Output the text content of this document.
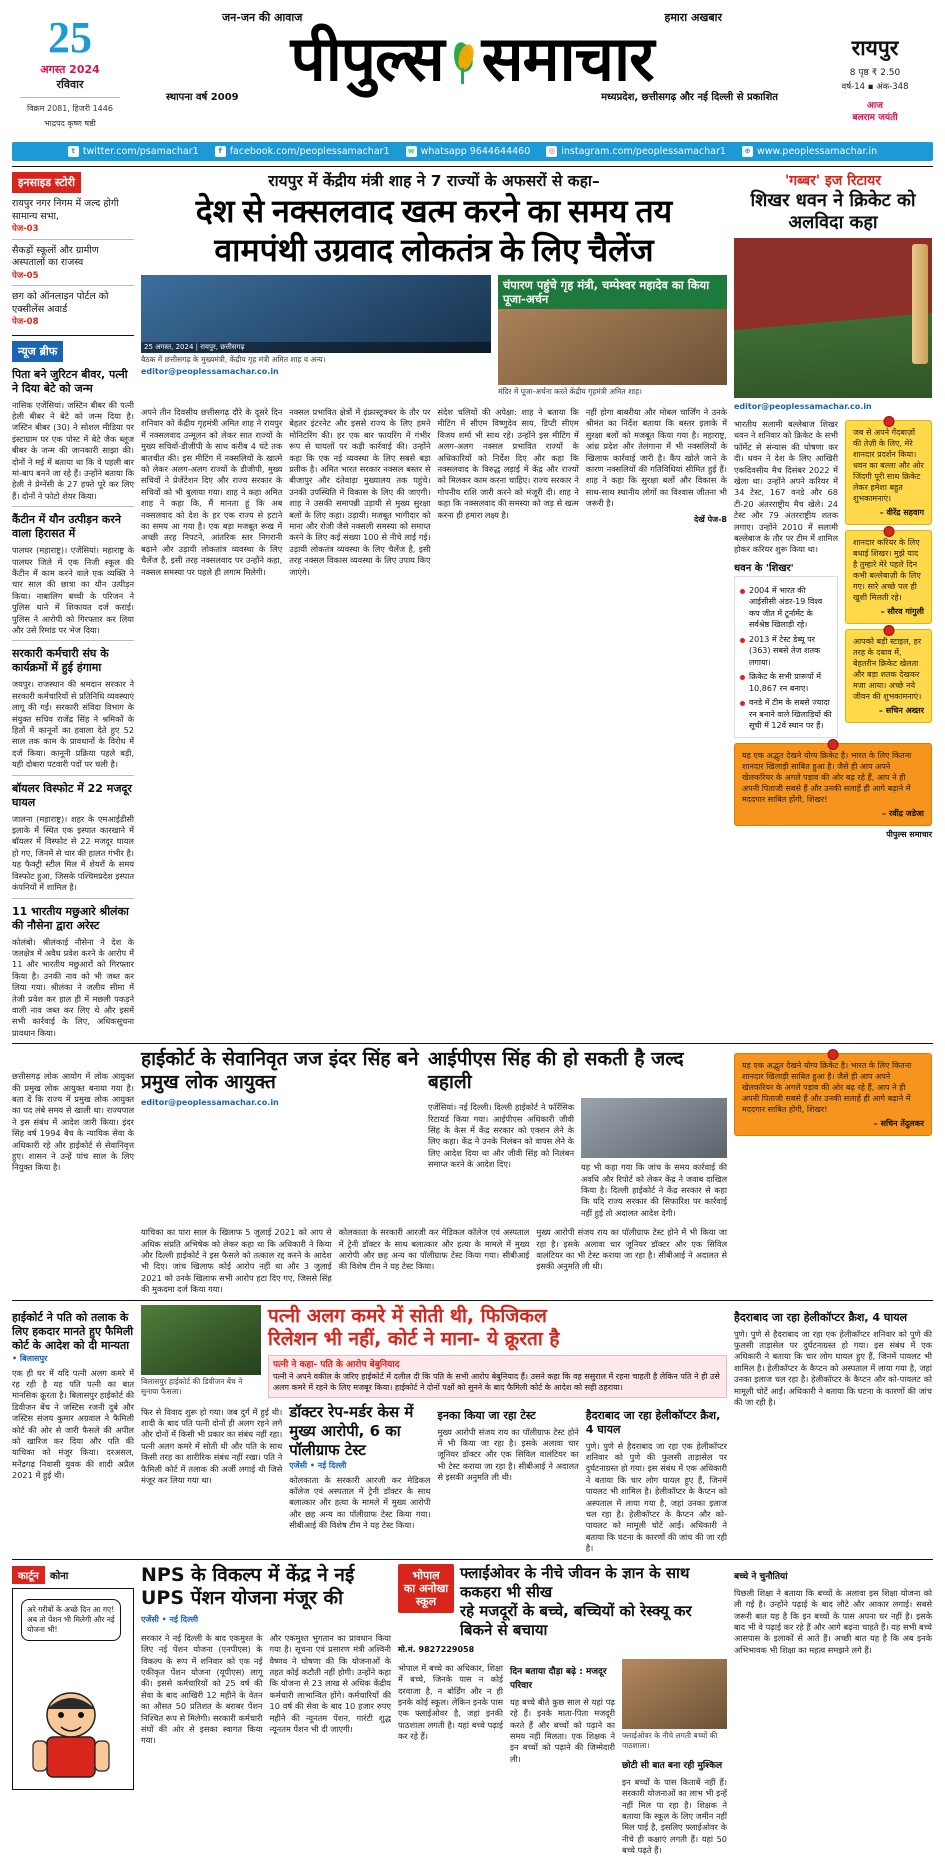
25
अगस्त 2024
रविवार
विक्रम 2081, हिजरी 1446
भाद्रपद कृष्ण षष्ठी
जन-जन की आवाज	हमारा अखबार
पीपुल्स समाचार
स्थापना वर्ष 2009	मध्यप्रदेश, छत्तीसगढ़ और नई दिल्ली से प्रकाशित
रायपुर
8 पृष्ठ ₹ 2.50
वर्ष-14 ▪ अंक-348
आज
बलराम जयंती
t twitter.com/psamachar1	f facebook.com/peoplessamachar1	w whatsapp 9644644460	◎ instagram.com/peoplessamachar1	⊕ www.peoplessamachar.in
इनसाइड स्टोरी
रायपुर नगर निगम में जल्द होगी सामान्य सभा,
पेज-03
सैकड़ों स्कूलों और ग्रामीण अस्पतालों का राजस्व
पेज-05
छग को ऑनलाइन पोर्टल को एक्सीलेंस अवार्ड
पेज-08
न्यूज ब्रीफ
पिता बने जुरिटन बीवर, पत्नी ने दिया बेटे को जन्म

नासिक एजेंसियां। जस्टिन बीबर की पत्नी हेली बीबर ने बेटे को जन्म दिया है। जस्टिन बीबर (30) ने सोशल मीडिया पर इंस्टाग्राम पर एक पोस्ट में बेटे जैक ब्लूज बीबर के जन्म की जानकारी साझा की। दोनों ने मई में बताया था कि वे पहली बार मां-बाप बनने जा रहे हैं। उन्होंने बताया कि हेली ने प्रेग्नेंसी के 27 हफ्ते पूरे कर लिए हैं। दोनों ने फोटो शेयर किया।

कैंटीन में यौन उत्पीड़न करने वाला हिरासत में

पालघर (महाराष्ट्र)। एजेंसियां। महाराष्ट्र के पालघर जिले में एक निजी स्कूल की कैंटीन में काम करने वाले एक व्यक्ति ने चार साल की छात्रा का यौन उत्पीड़न किया। नाबालिग बच्ची के परिजन ने पुलिस थाने में शिकायत दर्ज कराई। पुलिस ने आरोपी को गिरफ्तार कर लिया और उसे रिमांड पर भेज दिया।

सरकारी कर्मचारी संघ के कार्यक्रमों में हुई हंगामा

जयपुर। राजस्थान की श्रमदान सरकार ने सरकारी कर्मचारियों से प्रतिनिधि व्यवस्थाएं लागू की गईं। सरकारी संविदा विभाग के संयुक्त सचिव राजेंद्र सिंह ने श्रमिकों के हितों में कानूनों का हवाला देते हुए 52 साल तक काम के प्रावधानों के विरोध में दर्ज किया। कानूनी प्रक्रिया पहले बड़ी, यही दोबारा पटवारी पदों पर चली है।

बॉयलर विस्फोट में 22 मजदूर घायल

जालना (महाराष्ट्र)। शहर के एमआईडीसी इलाके में स्थित एक इस्पात कारखाने में बॉयलर में विस्फोट से 22 मजदूर घायल हो गए, जिनमें से चार की हालत गंभीर है। यह फैक्ट्री स्टील मिल में शेयरों के समय विस्फोट हुआ, जिसके पश्चिमप्रदेश इस्पात कंपनियों में शामिल है।

11 भारतीय मछुआरे श्रीलंका की नौसेना द्वारा अरेस्ट

कोलंबो। श्रीलंकाई नौसेना ने देश के जलक्षेत्र में अवैध प्रवेश करने के आरोप में 11 और भारतीय मछुआरों को गिरफ्तार किया है। उनकी नाव को भी जब्त कर लिया गया। श्रीलंका ने जलीय सीमा में तेजी प्रवेश कर हाल ही में मछली पकड़ने वाली नाव जब्त कर लिए थे और इसमें सभी कार्रवाई के लिए, अधिकसूचना प्रावधान किया।

रायपुर में केंद्रीय मंत्री शाह ने 7 राज्यों के अफसरों से कहा–
देश से नक्सलवाद खत्म करने का समय तय
वामपंथी उग्रवाद लोकतंत्र के लिए चैलेंज
25 अगस्त, 2024 | रायपुर, छत्तीसगढ़
बैठक में छत्तीसगढ़ के मुख्यमंत्री, केंद्रीय गृह मंत्री अमित शाह व अन्य।
editor@peoplessamachar.co.in
चंपारण पहुंचे गृह मंत्री, चम्पेश्वर महादेव का किया पूजा-अर्चन
मंदिर में पूजा-अर्चना करते केंद्रीय गृहमंत्री अमित शाह।

अपने तीन दिवसीय छत्तीसगढ़ दौरे के दूसरे दिन शनिवार को केंद्रीय गृहमंत्री अमित शाह ने रायपुर में नक्सलवाद उन्मूलन को लेकर सात राज्यों के मुख्य सचिवों-डीजीपी के साथ करीब 4 घंटे तक बातचीत की। इस मीटिंग में नक्सलियों के खात्मे को लेकर अलग-अलग राज्यों के डीजीपी, मुख्य सचिवों ने प्रेजेंटेशन दिए और राज्य सरकार के सचिवों को भी बुलाया गया। शाह ने कहा अमित शाह ने कहा कि, मैं मानता हूं कि अब नक्सलवाद को देश के हर एक राज्य से हटाने का समय आ गया है। एक बड़ा मजबूत रूख में अच्छी तरह निपटने, आंतरिक स्तर निगरानी बढ़ाने और उड़ायी लोकतांत्र व्यवस्था के लिए चैलेंज है, इसी तरह नक्सलवाद पर उन्होंने कहा, नक्सल समस्या पर पहले ही लगाम मिलेगी।

नक्सल प्रभावित क्षेत्रों में इंफ्रास्ट्रक्चर के तौर पर बेहतर इंटरनेट और इससे राज्य के लिए हमने मोनिटरिंग की। हर एक बार फायरिंग में गंभीर रूप से घायलों पर कड़ी कार्रवाई की। उन्होंने कहा कि एक नई व्यवस्था के लिए सबसे बड़ा प्रतीक है। अमित भारत सरकार नक्सल बस्तर से बीजापुर और दंतेवाड़ा मुख्यालय तक पहुंचे। उनकी उपस्थिति में विकास के लिए की जाएगी। शाह ने उसकी समापन्नी उड़ायी से मुख्य सुरक्षा बलों के लिए कहा। उड़ायी। मजबूत भागीदार को माना और रोजी जैसे नक्सली समस्या को समाप्त करने के लिए कई संख्या 100 से नीचे लाई गई। उड़ायी लोकतंत्र व्यवस्था के लिए चैलेंज है, इसी तरह नक्सल विकास व्यवस्था के लिए उपाय किए जाएंगे।

संदेश चलियों की अपेक्षा: शाह ने बताया कि मीटिंग में सीएम विष्णुदेव साय, डिप्टी सीएम विजय शर्मा भी साथ रहे। उन्होंने इस मीटिंग में अलग-अलग नक्सल प्रभावित राज्यों के अधिकारियों को निर्देश दिए और कहा कि नक्सलवाद के विरुद्ध लड़ाई में केंद्र और राज्यों को मिलकर काम करना चाहिए। राज्य सरकार ने गोपनीय राशि जारी करने को मंजूरी दी। शाह ने कहा कि नक्सलवाद की समस्या को जड़ से खत्म करना ही हमारा लक्ष्य है।

नहीं होगा बाबरीया और मोबल चार्जिंग ने उनके श्रीमंत का निर्देश बताया कि बस्तर इलाके में सुरक्षा बलों को मजबूत किया गया है। महाराष्ट्र, आंध्र प्रदेश और तेलंगाना में भी नक्सलियों के खिलाफ कार्रवाई जारी है। कैंप खोले जाने के कारण नक्सलियों की गतिविधियां सीमित हुई हैं। शाह ने कहा कि सुरक्षा बलों और विकास के साथ-साथ स्थानीय लोगों का विश्वास जीतना भी जरूरी है।

देखें पेज-8
'गब्बर' इज रिटायर
शिखर धवन ने क्रिकेट को अलविदा कहा
editor@peoplessamachar.co.in

भारतीय सलामी बल्लेबाज शिखर धवन ने शनिवार को क्रिकेट के सभी फॉर्मेट से संन्यास की घोषणा कर दी। धवन ने देश के लिए आखिरी एकदिवसीय मैच दिसंबर 2022 में खेला था। उन्होंने अपने करियर में 34 टेस्ट, 167 वनडे और 68 टी-20 अंतरराष्ट्रीय मैच खेले। 24 टेस्ट और 79 अंतरराष्ट्रीय शतक लगाए। उन्होंने 2010 में सलामी बल्लेबाज के तौर पर टीम में शामिल होकर करियर शुरू किया था।

धवन के 'शिखर'
2004 में भारत की आईसीसी अंडर-19 विश्व कप जीत में टूर्नामेंट के सर्वश्रेष्ठ खिलाड़ी रहे।
2013 में टेस्ट डेब्यू पर (363) सबसे तेज शतक लगाया।
क्रिकेट के सभी प्रारूपों में 10,867 रन बनाए।
वनडे में टीम के सबसे ज्यादा रन बनाने वाले खिलाड़ियों की सूची में 12वें स्थान पर हैं।
जब से अपने गेंदबाज़ों की तेज़ी के लिए, मेरे शानदार प्रदर्शन किया। धवन का बल्ला और ओर जिंदगी पूरी साथ क्रिकेट लेकर हमेशा बहुत शुभकामनाएं।
– वीरेंद्र सहवाग
शानदार करियर के लिए बधाई शिखर। मुझे याद है तुम्हारे मेरे पहले दिन कभी बल्लेबाज़ी के लिए गए। सारे अच्छे पल ही खुशी मिलती रहे।
– सौरव गांगुली
आपको बड़ी स्टाइल, हर तरह के दबाव में, बेहतरीन क्रिकेट खेलता और बड़ा शतक देखकर मजा आया। अच्छे नये जीवन की शुभकामनाएं।
– सचिन अख्तर
यह एक अद्भुत देखने योग्य क्रिकेट है। भारत के लिए कितना शानदार खिलाड़ी साबित हुआ है। जैसे ही आप अपने खेलकरियर के अगले पड़ाव की ओर बढ़ रहे हैं, आप ने ही अपनी पिताजी सबसे हैं और उनकी सलाहें ही आगे बढ़ाने में मददगार साबित होंगी, शिखर!
– रवींद्र जडेजा
पीपुल्स समाचार

छत्तीसगढ़ लोक आयोग में लोक आयुक्त की प्रमुख लोक आयुक्त बनाया गया है। बता दें कि राज्य में प्रमुख लोक आयुक्त का पद लंबे समय से खाली था। राज्यपाल ने इस संबंध में आदेश जारी किया। इंदर सिंह वर्ष 1994 बैच के न्यायिक सेवा के अधिकारी रहे और हाईकोर्ट से सेवानिवृत्त हुए। शासन ने उन्हें पांच साल के लिए नियुक्त किया है।

हाईकोर्ट के सेवानिवृत जज इंदर सिंह बने प्रमुख लोक आयुक्त
editor@peoplessamachar.co.in
आईपीएस सिंह की हो सकती है जल्द बहाली

एजेंसियां। नई दिल्ली। दिल्ली हाईकोर्ट ने फॉरेंसिक रिटायर्ड किया गया। आईपीएस अधिकारी जीवी सिंह के केस में केंद्र सरकार को एक्शन लेने के लिए कहा। केंद्र ने उनके निलंबन को वापस लेने के लिए आदेश दिया था और जीवी सिंह को निलंबन समाप्त करने के आदेश दिए।	यह भी कहा गया कि जांच के समय कार्रवाई की अवधि और रिपोर्ट को लेकर केंद्र ने जवाब दाखिल किया है। दिल्ली हाईकोर्ट ने केंद्र सरकार से कहा कि यदि राज्य सरकार की सिफारिश पर कार्रवाई नहीं हुई तो अदालत आदेश देगी।

याचिका का पारा साल के खिलाफ 5 जुलाई 2021 को आप से अधिक संप्रति अभिषेक को लेकर कहा था कि अधिकारी ने किया और दिल्ली हाईकोर्ट ने इस फैसले को तत्काल रद्द करने के आदेश भी दिए। जांच खिलाफ कोई आरोप नहीं था और 3 जुलाई 2021 को उनके खिलाफ सभी आरोप हटा दिए गए, जिससे सिंह की मुकदमा दर्ज किया गया।

कोलकाता के सरकारी आरजी कर मेडिकल कॉलेज एवं अस्पताल में ट्रेनी डॉक्टर के साथ बलात्कार और हत्या के मामले में मुख्य आरोपी और छह अन्य का पॉलीग्राफ टेस्ट किया गया। सीबीआई की विशेष टीम ने यह टेस्ट किया।

मुख्य आरोपी संजय राय का पॉलीग्राफ टेस्ट होने में भी किया जा रहा है। इसके अलावा चार जूनियर डॉक्टर और एक सिविल वालंटियर का भी टेस्ट कराया जा रहा है। सीबीआई ने अदालत से इसकी अनुमति ली थी।

यह एक अद्भुत देखने योग्य क्रिकेट है। भारत के लिए कितना शानदार खिलाड़ी साबित हुआ है। जैसे ही आप अपने खेलकरियर के अगले पड़ाव की ओर बढ़ रहे हैं, आप ने ही अपनी पिताजी सबसे हैं और उनकी सलाहें ही आगे बढ़ाने में मददगार साबित होंगी, शिखर!
– सचिन तेंदुलकर
हाईकोर्ट ने पति को तलाक के लिए हकदार मानते हुए फैमिली कोर्ट के आदेश को दी मान्यता
• बिलासपुर

एक ही घर में यदि पत्नी अलग कमरे में रह रही है यह पति पत्नी का बात मानसिक क्रूरता है। बिलासपुर हाईकोर्ट की डिवीजन बेंच ने जस्टिस रजनी दुबे और जस्टिस संजय कुमार अग्रवाल ने फैमिली कोर्ट की ओर से जारी फैसले की अपील को खारिज कर दिया और पति की याचिका को मंजूर किया। दरअसल, मनेंद्रगढ़ निवासी युवक की शादी अप्रैल 2021 में हुई थी।

बिलासपुर हाईकोर्ट की डिवीजन बेंच ने सुनाया फैसला।
पत्नी अलग कमरे में सोती थी, फिजिकल
रिलेशन भी नहीं, कोर्ट ने माना- ये क्रूरता है
पत्नी ने कहा- पति के आरोप बेबुनियाद
पत्नी ने अपने वकील के जरिए हाईकोर्ट में दलील दी कि पति के सभी आरोप बेबुनियाद हैं। उसने कहा कि वह ससुराल में रहना चाहती है लेकिन पति ने ही उसे अलग कमरे में रहने के लिए मजबूर किया। हाईकोर्ट ने दोनों पक्षों को सुनने के बाद फैमिली कोर्ट के आदेश को सही ठहराया।

फिर से विवाद शुरू हो गया। जब दुर्ग में हुई थी। शादी के बाद पति पत्नी दोनों ही अलग रहने लगे और दोनों में किसी भी प्रकार का संबंध नहीं रहा। पत्नी अलग कमरे में सोती थी और पति के साथ किसी तरह का शारीरिक संबंध नहीं रखा। पति ने फैमिली कोर्ट में तलाक की अर्जी लगाई थी जिसे मंजूर कर लिया गया था।

डॉक्टर रेप-मर्डर केस में मुख्य आरोपी, 6 का पॉलीग्राफ टेस्ट
एजेंसी • नई दिल्ली

कोलकाता के सरकारी आरजी कर मेडिकल कॉलेज एवं अस्पताल में ट्रेनी डॉक्टर के साथ बलात्कार और हत्या के मामले में मुख्य आरोपी और छह अन्य का पॉलीग्राफ टेस्ट किया गया। सीबीआई की विशेष टीम ने यह टेस्ट किया।

इनका किया जा रहा टेस्ट

मुख्य आरोपी संजय राय का पॉलीग्राफ टेस्ट होने में भी किया जा रहा है। इसके अलावा चार जूनियर डॉक्टर और एक सिविल वालंटियर का भी टेस्ट कराया जा रहा है। सीबीआई ने अदालत से इसकी अनुमति ली थी।

हैदराबाद जा रहा हेलीकॉप्टर क्रैश, 4 घायल

पुणे। पुणे से हैदराबाद जा रहा एक हेलीकॉप्टर शनिवार को पुणे की फुलसी ताड़ासेल पर दुर्घटनाग्रस्त हो गया। इस संबंध में एक अधिकारी ने बताया कि चार लोग घायल हुए हैं, जिनमें पायलट भी शामिल है। हेलीकॉप्टर के कैप्टन को अस्पताल में लाया गया है, जहां उनका इलाज चल रहा है। हेलीकॉप्टर के कैप्टन और को-पायलट को मामूली चोटें आईं। अधिकारी ने बताया कि घटना के कारणों की जांच की जा रही है।

हैदराबाद जा रहा हेलीकॉप्टर क्रैश, 4 घायल

पुणे। पुणे से हैदराबाद जा रहा एक हेलीकॉप्टर शनिवार को पुणे की फुलसी ताड़ासेल पर दुर्घटनाग्रस्त हो गया। इस संबंध में एक अधिकारी ने बताया कि चार लोग घायल हुए हैं, जिनमें पायलट भी शामिल है। हेलीकॉप्टर के कैप्टन को अस्पताल में लाया गया है, जहां उनका इलाज चल रहा है। हेलीकॉप्टर के कैप्टन और को-पायलट को मामूली चोटें आईं। अधिकारी ने बताया कि घटना के कारणों की जांच की जा रही है।

कार्टून कोना
अरे गरीबों के अच्छे दिन आ गए! अब तो पेंशन भी मिलेगी और नई योजना भी!
NPS के विकल्प में केंद्र ने नई
UPS पेंशन योजना मंजूर की
एजेंसी • नई दिल्ली

सरकार ने नई दिल्ली के बाद एकमुश्त के लिए नई पेंशन योजना (एनपीएस) के विकल्प के रूप में शनिवार को एक नई एकीकृत पेंशन योजना (यूपीएस) लागू की। इससे कर्मचारियों को 25 वर्ष की सेवा के बाद आखिरी 12 महीने के वेतन का औसत 50 प्रतिशत के बराबर पेंशन निश्चित रूप से मिलेगी। सरकारी कर्मचारी संघों की ओर से इसका स्वागत किया गया।

और एकमुश्त भुगतान का प्रावधान किया गया है। सूचना एवं प्रसारण मंत्री अश्विनी वैष्णव ने घोषणा की कि योजनाओं के तहत कोई कटौती नहीं होगी। उन्होंने कहा कि योजना से 23 लाख से अधिक केंद्रीय कर्मचारी लाभान्वित होंगे। कर्मचारियों की 10 वर्ष की सेवा के बाद 10 हजार रुपए महीने की न्यूनतम पेंशन, गारंटी शुद्ध न्यूनतम पेंशन भी दी जाएगी।

भोपाल
का अनोखा
स्कूल
फ्लाईओवर के नीचे जीवन के ज्ञान के साथ ककहरा भी सीख
रहे मजदूरों के बच्चे, बच्चियों को रेस्क्यू कर बिकने से बचाया
मो.मं. 9827229058

भोपाल में बच्चे का अधिकार, शिक्षा में बच्चे, जिनके पास न कोई दरवाजा है, न बोर्डिंग और न ही इनके कोई स्कूल। लेकिन इनके पास एक फ्लाईओवर है, जहां इनकी पाठशाला लगती है। यहां बच्चे पढ़ाई कर रहे हैं।

दिन बताया दौड़ा बढ़े : मजदूर परिवार

यह बच्चे बीते कुछ साल से यहां पढ़ रहे हैं। इनके माता-पिता मजदूरी करते हैं और बच्चों को पढ़ाने का समय नहीं मिलता। एक शिक्षक ने इन बच्चों को पढ़ाने की जिम्मेदारी ली।

फ्लाईओवर के नीचे लगती बच्चों की पाठशाला।
छोटी सी बात बना रही मुश्किल

इन बच्चों के पास किताबें नहीं हैं। सरकारी योजनाओं का लाभ भी इन्हें नहीं मिल पा रहा है। शिक्षक ने बताया कि स्कूल के लिए जमीन नहीं मिल पाई है, इसलिए फ्लाईओवर के नीचे ही कक्षाएं लगती हैं। यहां 50 बच्चे पढ़ते हैं।

बच्चे ने चुनौतियां

पिछली शिक्षा ने बताया कि बच्चों के अलावा इस शिक्षा योजना को ली गई है। उन्होंने पढ़ाई के बाद लौटे और आकार लगाई। सबसे जरूरी बात यह है कि इन बच्चों के पास अपना घर नहीं है। इसके बाद भी वे पढ़ाई कर रहे हैं और आगे बढ़ना चाहते हैं। यह सभी बच्चे आसपास के इलाकों से आते हैं। अच्छी बात यह है कि अब इनके अभिभावक भी शिक्षा का महत्व समझने लगे हैं।
